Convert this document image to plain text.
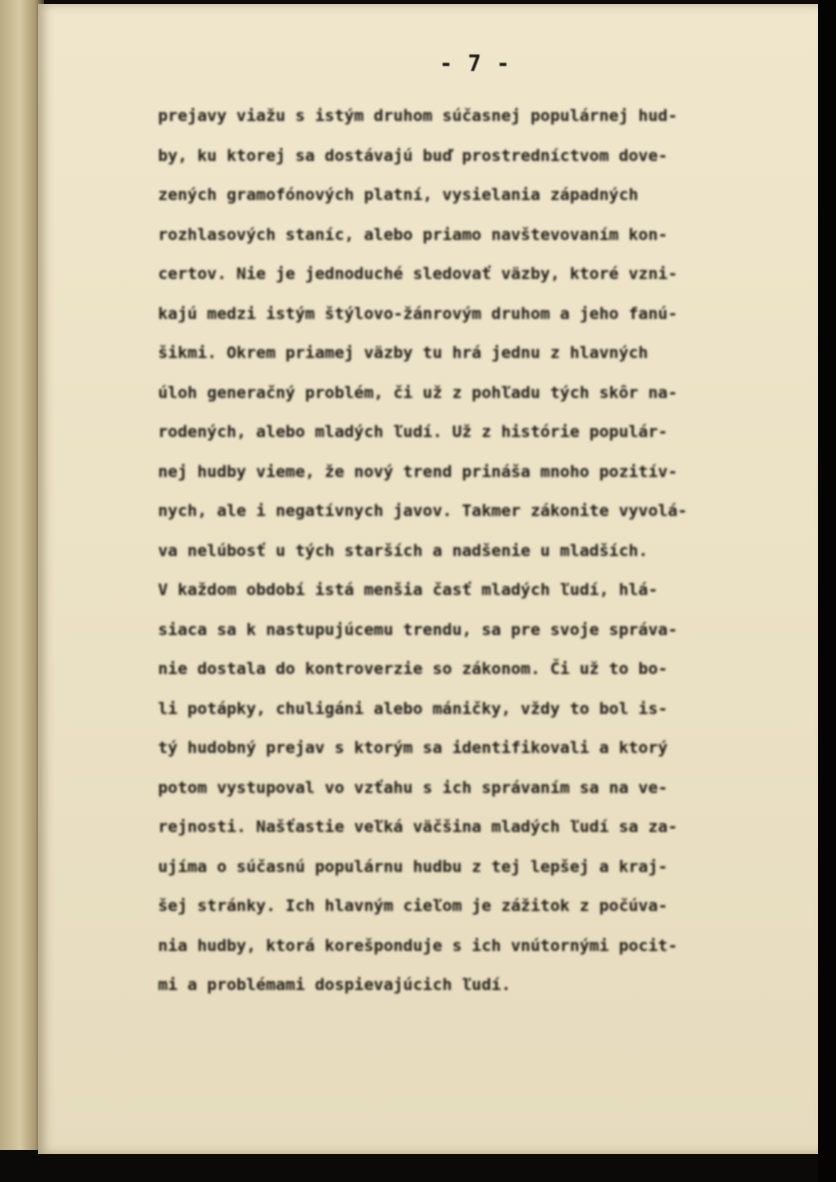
- 7 -
prejavy viažu s istým druhom súčasnej populárnej hud-
by, ku ktorej sa dostávajú buď prostredníctvom dove-
zených gramofónových platní, vysielania západných
rozhlasových staníc, alebo priamo navštevovaním kon-
certov. Nie je jednoduché sledovať väzby, ktoré vzni-
kajú medzi istým štýlovo-žánrovým druhom a jeho fanú-
šikmi. Okrem priamej väzby tu hrá jednu z hlavných
úloh generačný problém, či už z pohľadu tých skôr na-
rodených, alebo mladých ľudí. Už z histórie populár-
nej hudby vieme, že nový trend prináša mnoho pozitív-
nych, ale i negatívnych javov. Takmer zákonite vyvolá-
va nelúbosť u tých starších a nadšenie u mladších.
V každom období istá menšia časť mladých ľudí, hlá-
siaca sa k nastupujúcemu trendu, sa pre svoje správa-
nie dostala do kontroverzie so zákonom. Či už to bo-
li potápky, chuligáni alebo máničky, vždy to bol is-
tý hudobný prejav s ktorým sa identifikovali a ktorý
potom vystupoval vo vzťahu s ich správaním sa na ve-
rejnosti. Našťastie veľká väčšina mladých ľudí sa za-
ujíma o súčasnú populárnu hudbu z tej lepšej a kraj-
šej stránky. Ich hlavným cieľom je zážitok z počúva-
nia hudby, ktorá korešponduje s ich vnútornými pocit-
mi a problémami dospievajúcich ľudí.
